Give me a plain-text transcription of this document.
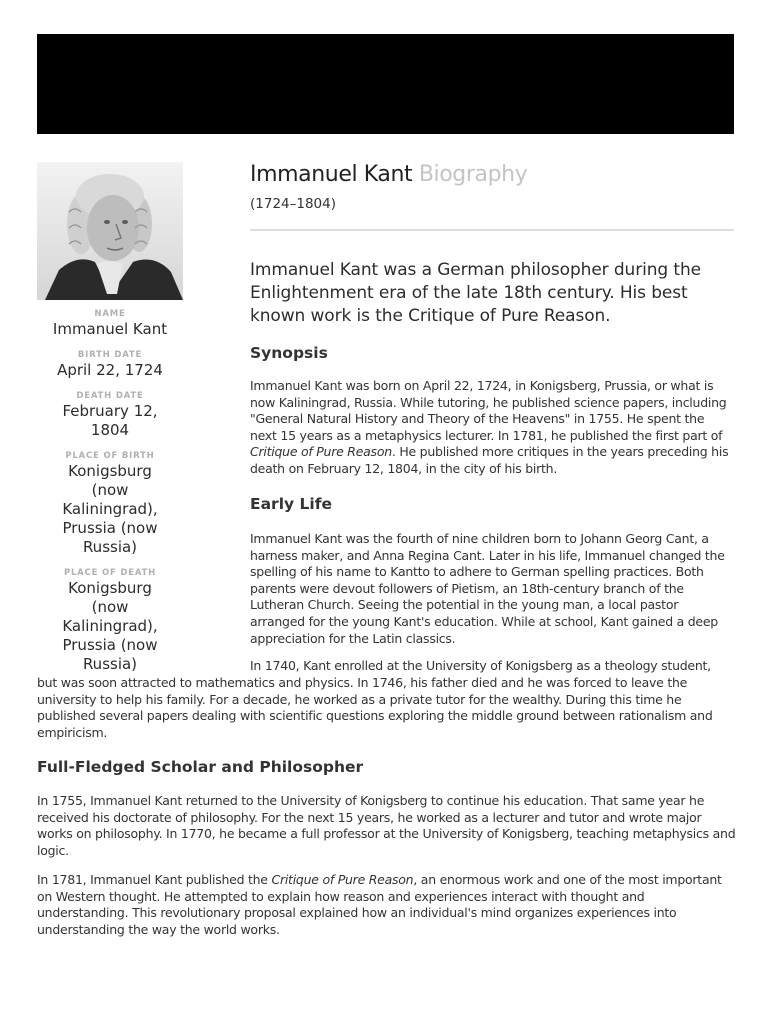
NAME
Immanuel Kant
BIRTH DATE
April 22, 1724
DEATH DATE
February 12, 1804
PLACE OF BIRTH
Konigsburg (now Kaliningrad), Prussia (now Russia)
PLACE OF DEATH
Konigsburg (now Kaliningrad), Prussia (now Russia)
Immanuel Kant Biography
(1724–1804)
Immanuel Kant was a German philosopher during the Enlightenment era of the late 18th century. His best known work is the Critique of Pure Reason.
Synopsis

Immanuel Kant was born on April 22, 1724, in Konigsberg, Prussia, or what is now Kaliningrad, Russia. While tutoring, he published science papers, including "General Natural History and Theory of the Heavens" in 1755. He spent the next 15 years as a metaphysics lecturer. In 1781, he published the first part of Critique of Pure Reason. He published more critiques in the years preceding his death on February 12, 1804, in the city of his birth.

Early Life

Immanuel Kant was the fourth of nine children born to Johann Georg Cant, a harness maker, and Anna Regina Cant. Later in his life, Immanuel changed the spelling of his name to Kantto to adhere to German spelling practices. Both parents were devout followers of Pietism, an 18th-century branch of the Lutheran Church. Seeing the potential in the young man, a local pastor arranged for the young Kant's education. While at school, Kant gained a deep appreciation for the Latin classics.

In 1740, Kant enrolled at the University of Konigsberg as a theology student,

but was soon attracted to mathematics and physics. In 1746, his father died and he was forced to leave the university to help his family. For a decade, he worked as a private tutor for the wealthy. During this time he published several papers dealing with scientific questions exploring the middle ground between rationalism and empiricism.

Full-Fledged Scholar and Philosopher

In 1755, Immanuel Kant returned to the University of Konigsberg to continue his education. That same year he received his doctorate of philosophy. For the next 15 years, he worked as a lecturer and tutor and wrote major works on philosophy. In 1770, he became a full professor at the University of Konigsberg, teaching metaphysics and logic.

In 1781, Immanuel Kant published the Critique of Pure Reason, an enormous work and one of the most important on Western thought. He attempted to explain how reason and experiences interact with thought and understanding. This revolutionary proposal explained how an individual's mind organizes experiences into understanding the way the world works.
